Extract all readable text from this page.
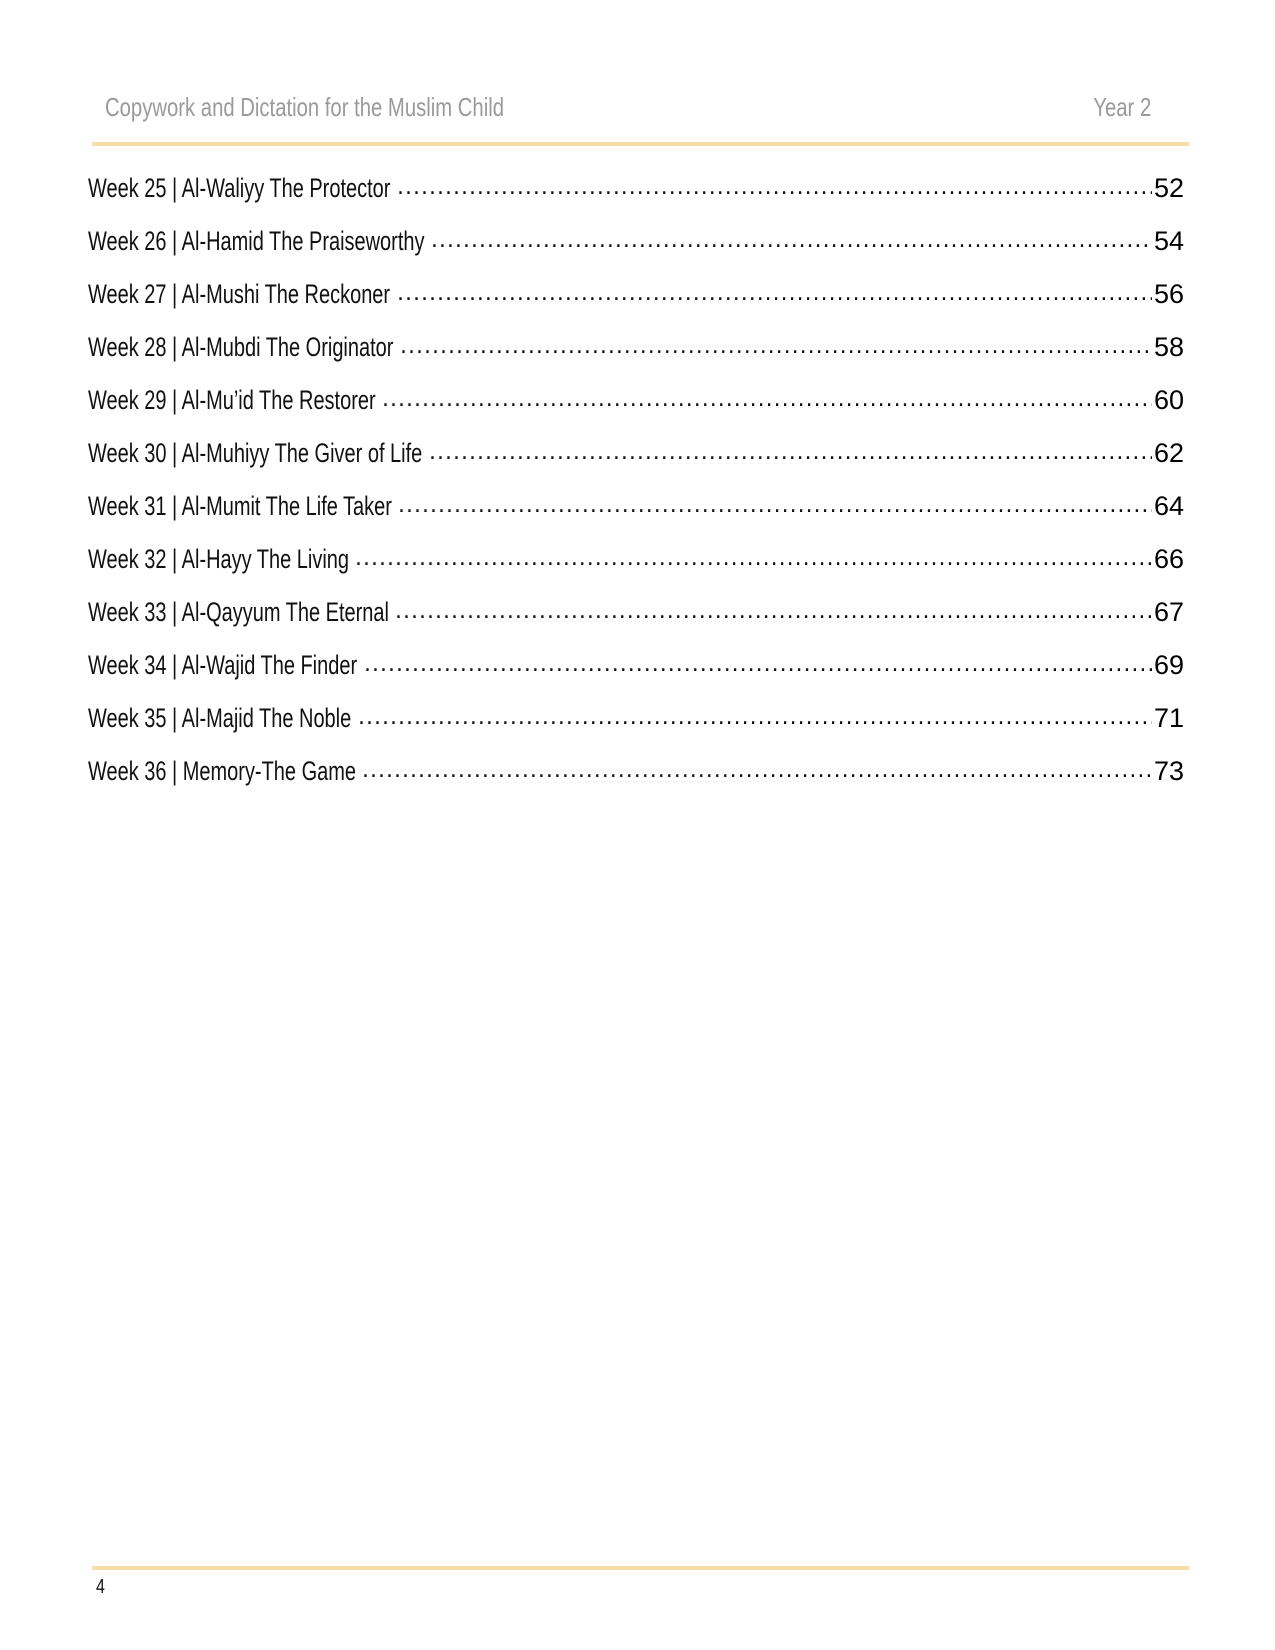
Copywork and Dictation for the Muslim Child	Year 2
Week 25 | Al-Waliyy The Protector .....	52
Week 26 | Al-Hamid The Praiseworthy .....	54
Week 27 | Al-Mushi The Reckoner .....	56
Week 28 | Al-Mubdi The Originator .....	58
Week 29 | Al-Mu’id The Restorer .....	60
Week 30 | Al-Muhiyy The Giver of Life .....	62
Week 31 | Al-Mumit The Life Taker .....	64
Week 32 | Al-Hayy The Living .....	66
Week 33 | Al-Qayyum The Eternal .....	67
Week 34 | Al-Wajid The Finder .....	69
Week 35 | Al-Majid The Noble .....	71
Week 36 | Memory-The Game .....	73
4
